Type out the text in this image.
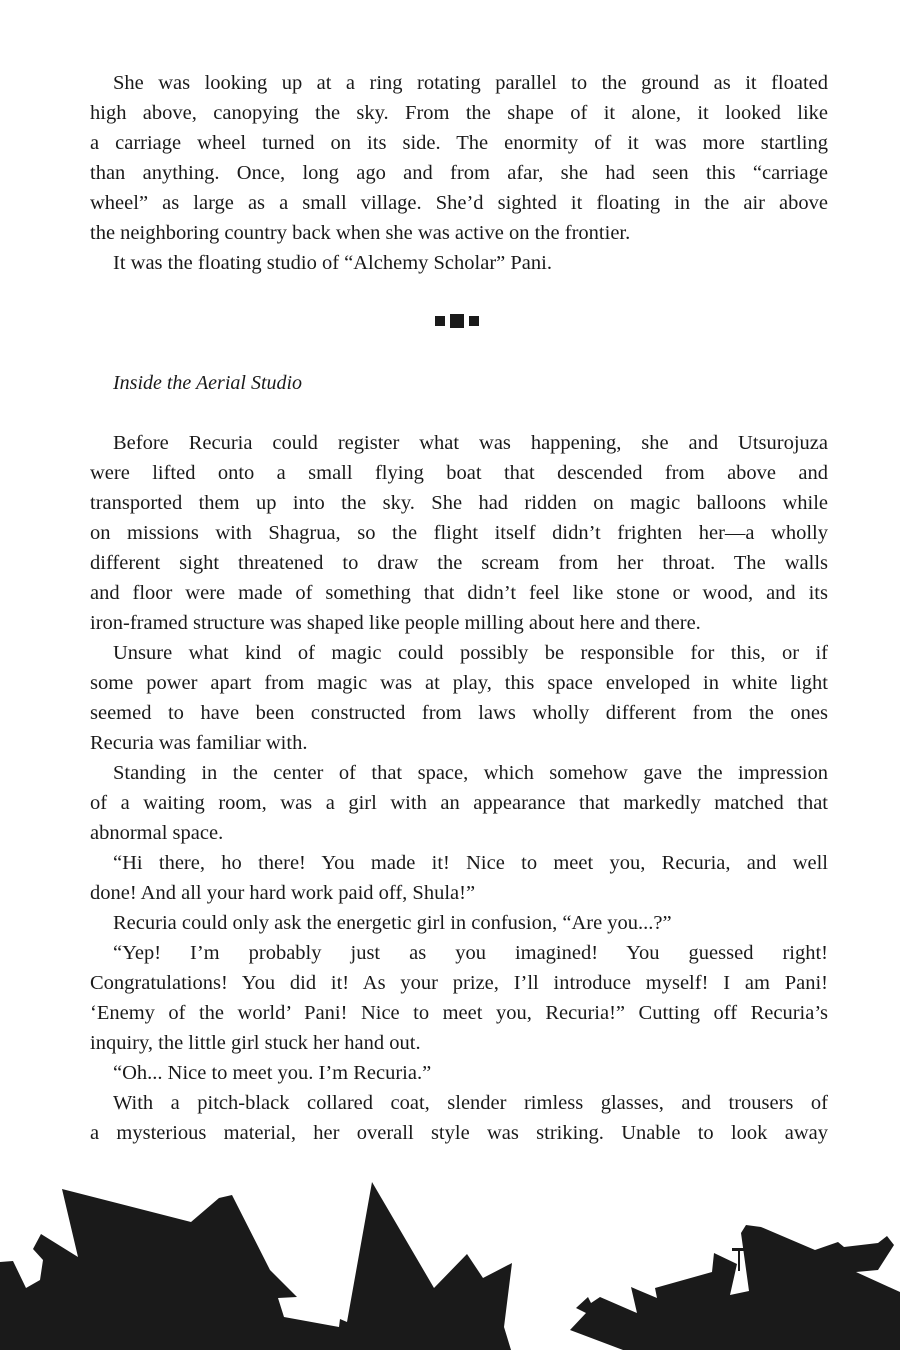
She was looking up at a ring rotating parallel to the ground as it floated
high above, canopying the sky. From the shape of it alone, it looked like
a carriage wheel turned on its side. The enormity of it was more startling
than anything. Once, long ago and from afar, she had seen this “carriage
wheel” as large as a small village. She’d sighted it floating in the air above
the neighboring country back when she was active on the frontier.
It was the floating studio of “Alchemy Scholar” Pani.
Inside the Aerial Studio
Before Recuria could register what was happening, she and Utsurojuza
were lifted onto a small flying boat that descended from above and
transported them up into the sky. She had ridden on magic balloons while
on missions with Shagrua, so the flight itself didn’t frighten her—a wholly
different sight threatened to draw the scream from her throat. The walls
and floor were made of something that didn’t feel like stone or wood, and its
iron-framed structure was shaped like people milling about here and there.
Unsure what kind of magic could possibly be responsible for this, or if
some power apart from magic was at play, this space enveloped in white light
seemed to have been constructed from laws wholly different from the ones
Recuria was familiar with.
Standing in the center of that space, which somehow gave the impression
of a waiting room, was a girl with an appearance that markedly matched that
abnormal space.
“Hi there, ho there! You made it! Nice to meet you, Recuria, and well
done! And all your hard work paid off, Shula!”
Recuria could only ask the energetic girl in confusion, “Are you...?”
“Yep! I’m probably just as you imagined! You guessed right!
Congratulations! You did it! As your prize, I’ll introduce myself! I am Pani!
‘Enemy of the world’ Pani! Nice to meet you, Recuria!” Cutting off Recuria’s
inquiry, the little girl stuck her hand out.
“Oh... Nice to meet you. I’m Recuria.”
With a pitch-black collared coat, slender rimless glasses, and trousers of
a mysterious material, her overall style was striking. Unable to look away
